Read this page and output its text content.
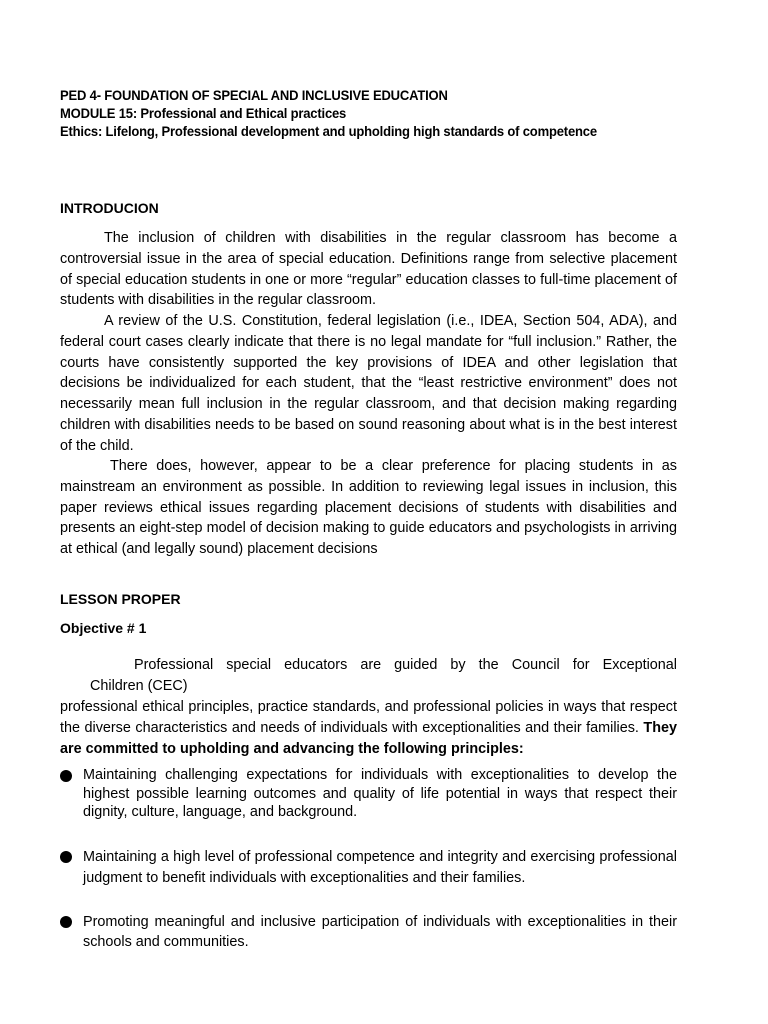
PED 4- FOUNDATION OF SPECIAL AND INCLUSIVE EDUCATION
MODULE 15: Professional and Ethical practices
Ethics: Lifelong, Professional development and upholding high standards of competence
INTRODUCION

The inclusion of children with disabilities in the regular classroom has become a controversial issue in the area of special education. Definitions range from selective placement of special education students in one or more “regular” education classes to full-time placement of students with disabilities in the regular classroom.

A review of the U.S. Constitution, federal legislation (i.e., IDEA, Section 504, ADA), and federal court cases clearly indicate that there is no legal mandate for “full inclusion.” Rather, the courts have consistently supported the key provisions of IDEA and other legislation that decisions be individualized for each student, that the “least restrictive environment” does not necessarily mean full inclusion in the regular classroom, and that decision making regarding children with disabilities needs to be based on sound reasoning about what is in the best interest of the child.

There does, however, appear to be a clear preference for placing students in as mainstream an environment as possible. In addition to reviewing legal issues in inclusion, this paper reviews ethical issues regarding placement decisions of students with disabilities and presents an eight-step model of decision making to guide educators and psychologists in arriving at ethical (and legally sound) placement decisions

LESSON PROPER
Objective # 1
Professional special educators are guided by the Council for Exceptional
Children (CEC)

professional ethical principles, practice standards, and professional policies in ways that respect the diverse characteristics and needs of individuals with exceptionalities and their families. They are committed to upholding and advancing the following principles:

Maintaining challenging expectations for individuals with exceptionalities to develop the highest possible learning outcomes and quality of life potential in ways that respect their dignity, culture, language, and background.
Maintaining a high level of professional competence and integrity and exercising professional judgment to benefit individuals with exceptionalities and their families.
Promoting meaningful and inclusive participation of individuals with exceptionalities in their schools and communities.
